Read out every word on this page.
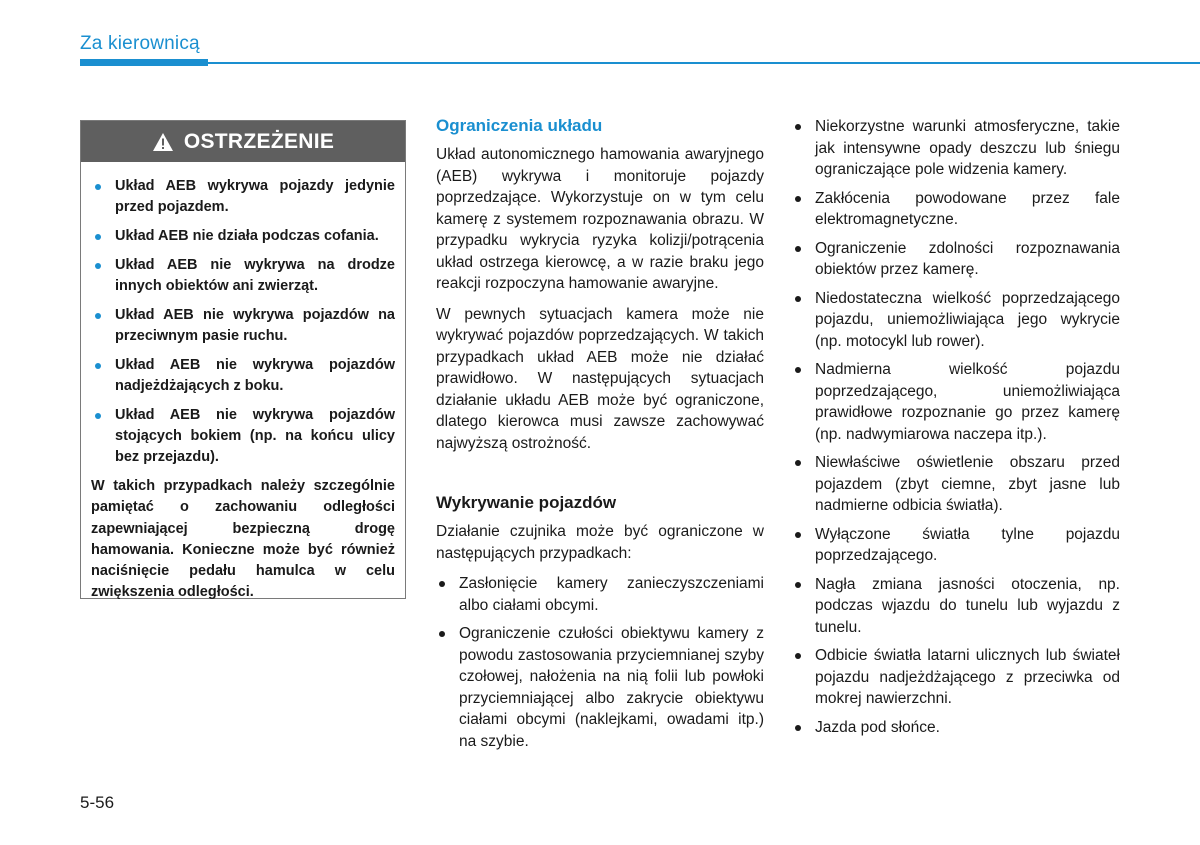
Za kierownicą
OSTRZEŻENIE
Układ AEB wykrywa pojazdy jedynie przed pojazdem.
Układ AEB nie działa podczas cofania.
Układ AEB nie wykrywa na drodze innych obiektów ani zwierząt.
Układ AEB nie wykrywa pojazdów na przeciwnym pasie ruchu.
Układ AEB nie wykrywa pojazdów nadjeżdżających z boku.
Układ AEB nie wykrywa pojazdów stojących bokiem (np. na końcu ulicy bez przejazdu).

W takich przypadkach należy szczególnie pamiętać o zachowaniu odległości zapewniającej bezpieczną drogę hamowania. Konieczne może być również naciśnięcie pedału hamulca w celu zwiększenia odległości.

Ograniczenia układu

Układ autonomicznego hamowania awaryjnego (AEB) wykrywa i monitoruje pojazdy poprzedzające. Wykorzystuje on w tym celu kamerę z systemem rozpoznawania obrazu. W przypadku wykrycia ryzyka kolizji/potrącenia układ ostrzega kierowcę, a w razie braku jego reakcji rozpoczyna hamowanie awaryjne.

W pewnych sytuacjach kamera może nie wykrywać pojazdów poprzedzających. W takich przypadkach układ AEB może nie działać prawidłowo. W następujących sytuacjach działanie układu AEB może być ograniczone, dlatego kierowca musi zawsze zachowywać najwyższą ostrożność.

Wykrywanie pojazdów

Działanie czujnika może być ograniczone w następujących przypadkach:

Zasłonięcie kamery zanieczyszczeniami albo ciałami obcymi.
Ograniczenie czułości obiektywu kamery z powodu zastosowania przyciemnianej szyby czołowej, nałożenia na nią folii lub powłoki przyciemniającej albo zakrycie obiektywu ciałami obcymi (naklejkami, owadami itp.) na szybie.
Niekorzystne warunki atmosferyczne, takie jak intensywne opady deszczu lub śniegu ograniczające pole widzenia kamery.
Zakłócenia powodowane przez fale elektromagnetyczne.
Ograniczenie zdolności rozpoznawania obiektów przez kamerę.
Niedostateczna wielkość poprzedzającego pojazdu, uniemożliwiająca jego wykrycie (np. motocykl lub rower).
Nadmierna wielkość pojazdu poprzedzającego, uniemożliwiająca prawidłowe rozpoznanie go przez kamerę (np. nadwymiarowa naczepa itp.).
Niewłaściwe oświetlenie obszaru przed pojazdem (zbyt ciemne, zbyt jasne lub nadmierne odbicia światła).
Wyłączone światła tylne pojazdu poprzedzającego.
Nagła zmiana jasności otoczenia, np. podczas wjazdu do tunelu lub wyjazdu z tunelu.
Odbicie światła latarni ulicznych lub świateł pojazdu nadjeżdżającego z przeciwka od mokrej nawierzchni.
Jazda pod słońce.
5-56
